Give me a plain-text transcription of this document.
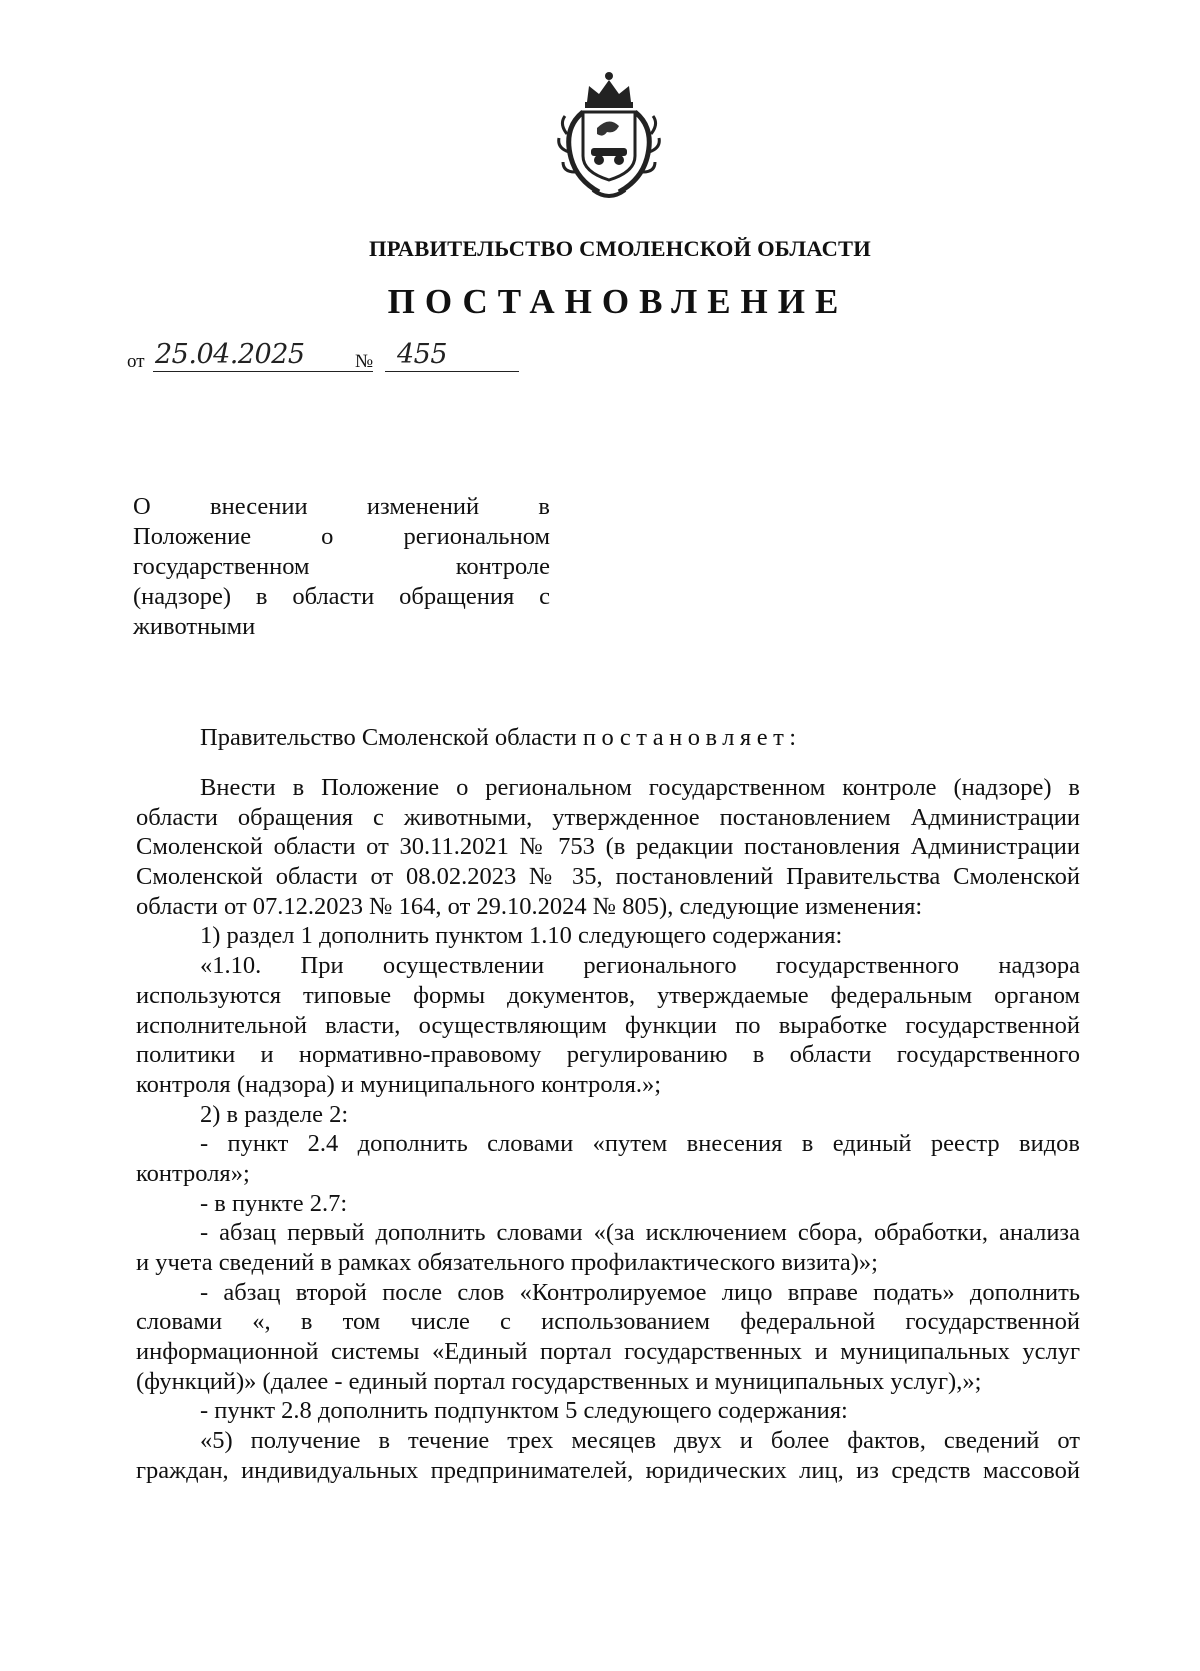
ПРАВИТЕЛЬСТВО СМОЛЕНСКОЙ ОБЛАСТИ
ПОСТАНОВЛЕНИЕ
от 25.04.2025	№ 455
О внесении изменений в
Положение о региональном
государственном контроле
(надзоре) в области обращения с
животными
Правительство Смоленской области постановляет:
Внести в Положение о региональном государственном контроле (надзоре) в
области обращения с животными, утвержденное постановлением Администрации
Смоленской области от 30.11.2021 № 753 (в редакции постановления Администрации
Смоленской области от 08.02.2023 № 35, постановлений Правительства Смоленской
области от 07.12.2023 № 164, от 29.10.2024 № 805), следующие изменения:
1) раздел 1 дополнить пунктом 1.10 следующего содержания:
«1.10. При осуществлении регионального государственного надзора
используются типовые формы документов, утверждаемые федеральным органом
исполнительной власти, осуществляющим функции по выработке государственной
политики и нормативно-правовому регулированию в области государственного
контроля (надзора) и муниципального контроля.»;
2) в разделе 2:
- пункт 2.4 дополнить словами «путем внесения в единый реестр видов
контроля»;
- в пункте 2.7:
- абзац первый дополнить словами «(за исключением сбора, обработки, анализа
и учета сведений в рамках обязательного профилактического визита)»;
- абзац второй после слов «Контролируемое лицо вправе подать» дополнить
словами «, в том числе с использованием федеральной государственной
информационной системы «Единый портал государственных и муниципальных услуг
(функций)» (далее - единый портал государственных и муниципальных услуг),»;
- пункт 2.8 дополнить подпунктом 5 следующего содержания:
«5) получение в течение трех месяцев двух и более фактов, сведений от
граждан, индивидуальных предпринимателей, юридических лиц, из средств массовой
